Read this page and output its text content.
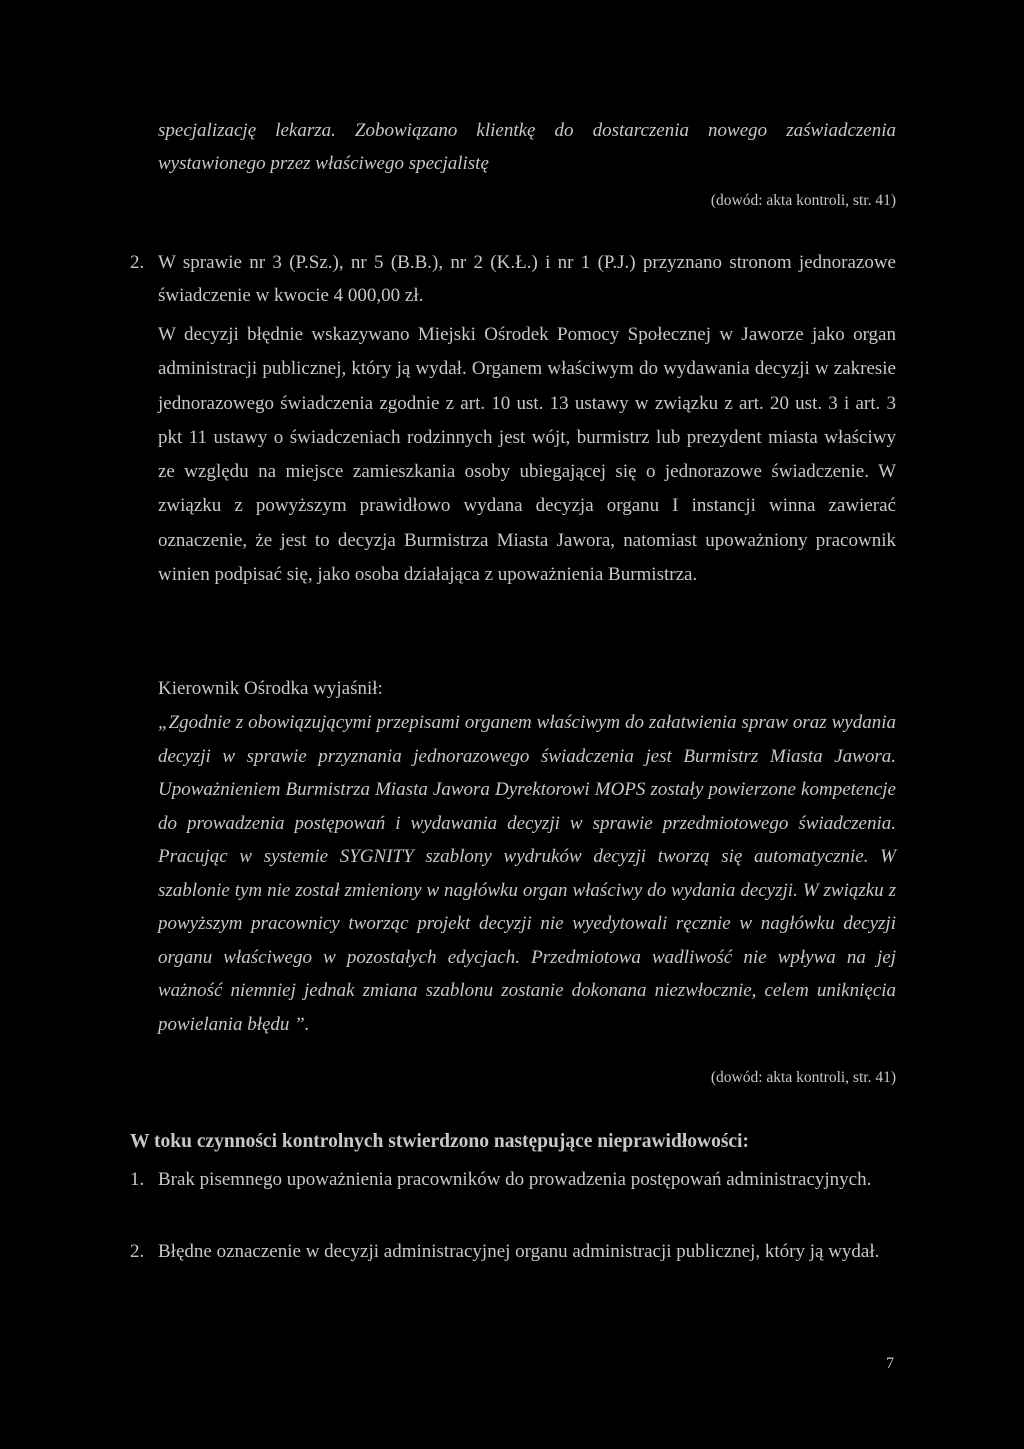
specjalizację lekarza. Zobowiązano klientkę do dostarczenia nowego zaświadczenia wystawionego przez właściwego specjalistę

(dowód: akta kontroli, str. 41)
2. W sprawie nr 3 (P.Sz.), nr 5 (B.B.), nr 2 (K.Ł.) i nr 1 (P.J.) przyznano stronom jednorazowe świadczenie w kwocie 4 000,00 zł.

W decyzji błędnie wskazywano Miejski Ośrodek Pomocy Społecznej w Jaworze jako organ administracji publicznej, który ją wydał. Organem właściwym do wydawania decyzji w zakresie jednorazowego świadczenia zgodnie z art. 10 ust. 13 ustawy w związku z art. 20 ust. 3 i art. 3 pkt 11 ustawy o świadczeniach rodzinnych jest wójt, burmistrz lub prezydent miasta właściwy ze względu na miejsce zamieszkania osoby ubiegającej się o jednorazowe świadczenie. W związku z powyższym prawidłowo wydana decyzja organu I instancji winna zawierać oznaczenie, że jest to decyzja Burmistrza Miasta Jawora, natomiast upoważniony pracownik winien podpisać się, jako osoba działająca z upoważnienia Burmistrza.

Kierownik Ośrodka wyjaśnił:

„Zgodnie z obowiązującymi przepisami organem właściwym do załatwienia spraw oraz wydania decyzji w sprawie przyznania jednorazowego świadczenia jest Burmistrz Miasta Jawora. Upoważnieniem Burmistrza Miasta Jawora Dyrektorowi MOPS zostały powierzone kompetencje do prowadzenia postępowań i wydawania decyzji w sprawie przedmiotowego świadczenia. Pracując w systemie SYGNITY szablony wydruków decyzji tworzą się automatycznie. W szablonie tym nie został zmieniony w nagłówku organ właściwy do wydania decyzji. W związku z powyższym pracownicy tworząc projekt decyzji nie wyedytowali ręcznie w nagłówku decyzji organu właściwego w pozostałych edycjach. Przedmiotowa wadliwość nie wpływa na jej ważność niemniej jednak zmiana szablonu zostanie dokonana niezwłocznie, celem uniknięcia powielania błędu ”.

(dowód: akta kontroli, str. 41)

W toku czynności kontrolnych stwierdzono następujące nieprawidłowości:

1. Brak pisemnego upoważnienia pracowników do prowadzenia postępowań administracyjnych.
2. Błędne oznaczenie w decyzji administracyjnej organu administracji publicznej, który ją wydał.
7
